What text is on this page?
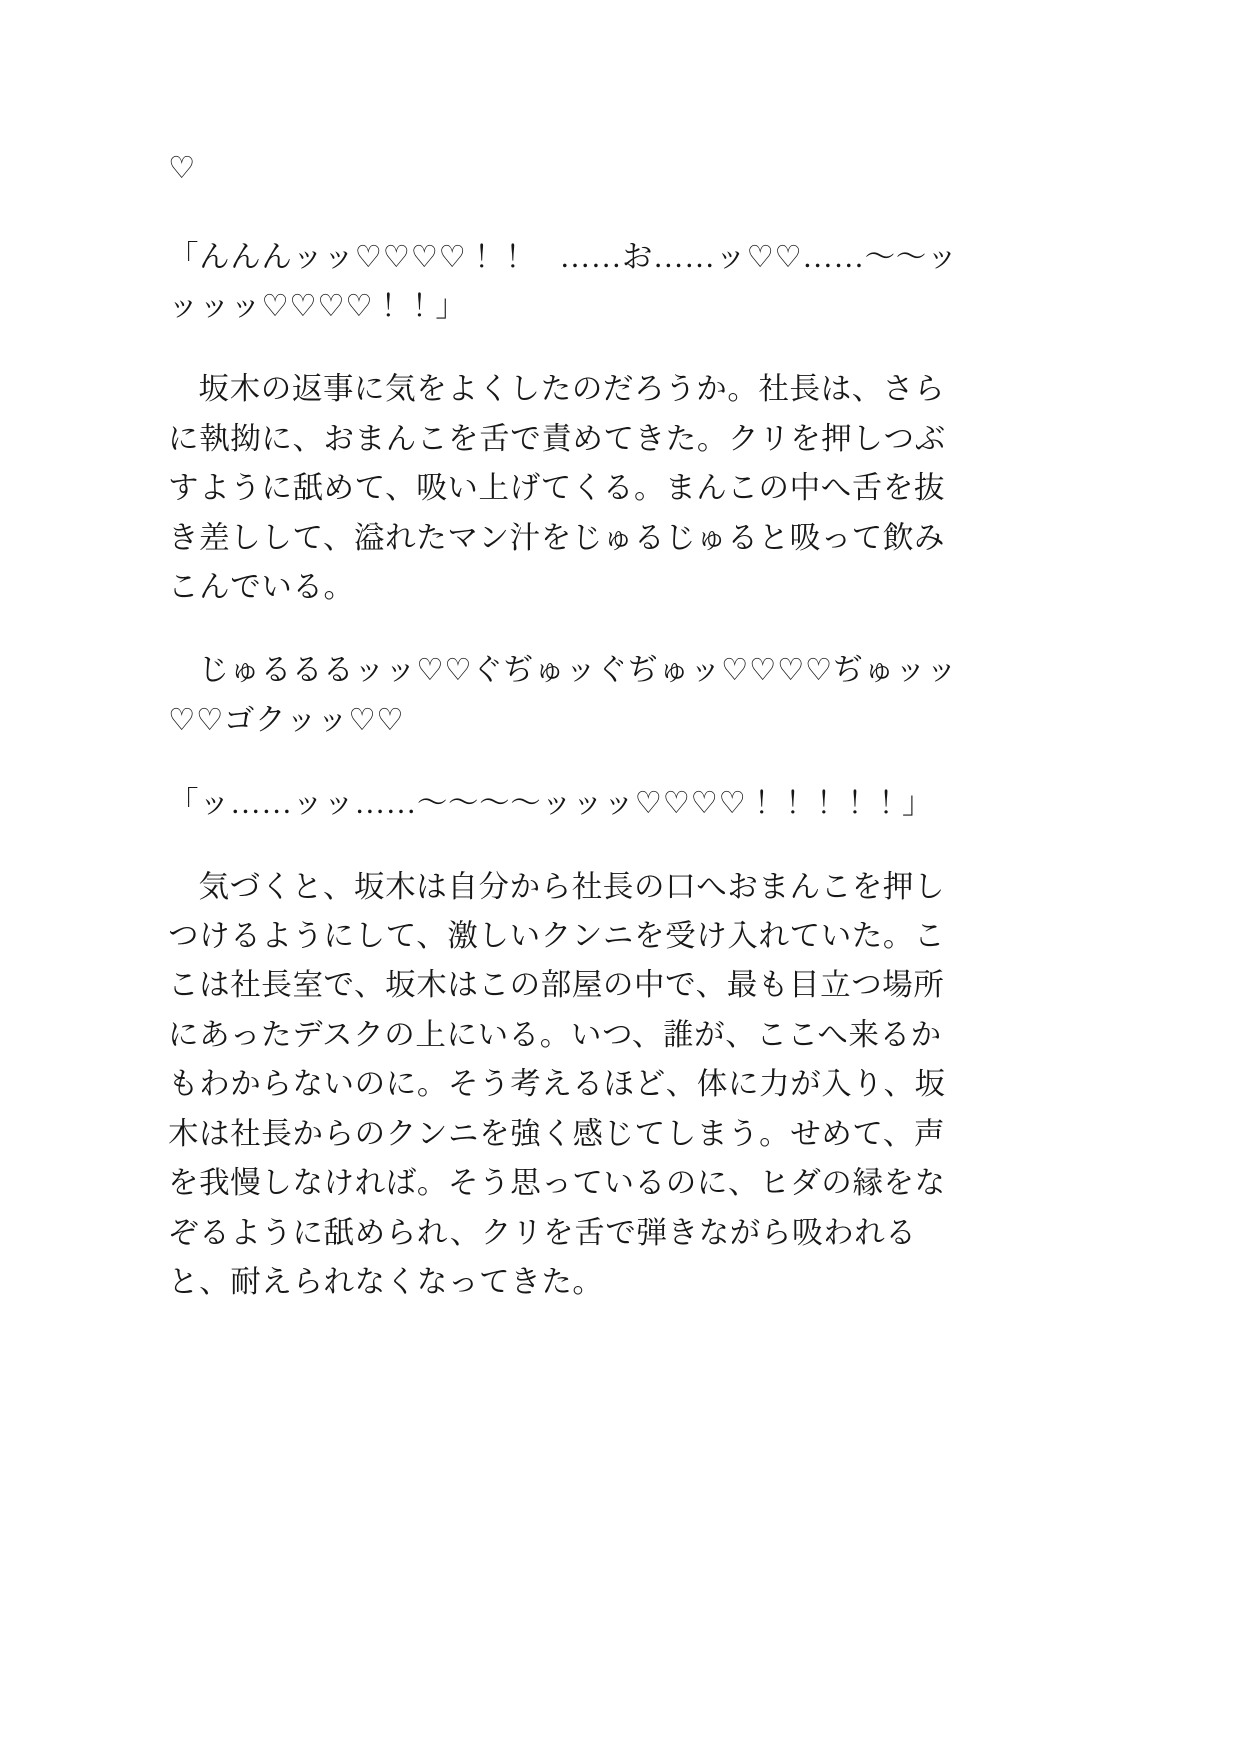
♡

「んんんッッ♡♡♡♡！！　……お……ッ♡♡……〜〜ッッッッ♡♡♡♡！！」

坂木の返事に気をよくしたのだろうか。社長は、さらに執拗に、おまんこを舌で責めてきた。クリを押しつぶすように舐めて、吸い上げてくる。まんこの中へ舌を抜き差しして、溢れたマン汁をじゅるじゅると吸って飲みこんでいる。

じゅるるるッッ♡♡ぐぢゅッぐぢゅッ♡♡♡♡ぢゅッッ♡♡ゴクッッ♡♡

「ッ……ッッ……〜〜〜〜ッッッ♡♡♡♡！！！！！」

気づくと、坂木は自分から社長の口へおまんこを押しつけるようにして、激しいクンニを受け入れていた。ここは社長室で、坂木はこの部屋の中で、最も目立つ場所にあったデスクの上にいる。いつ、誰が、ここへ来るかもわからないのに。そう考えるほど、体に力が入り、坂木は社長からのクンニを強く感じてしまう。せめて、声を我慢しなければ。そう思っているのに、ヒダの縁をなぞるように舐められ、クリを舌で弾きながら吸われると、耐えられなくなってきた。
